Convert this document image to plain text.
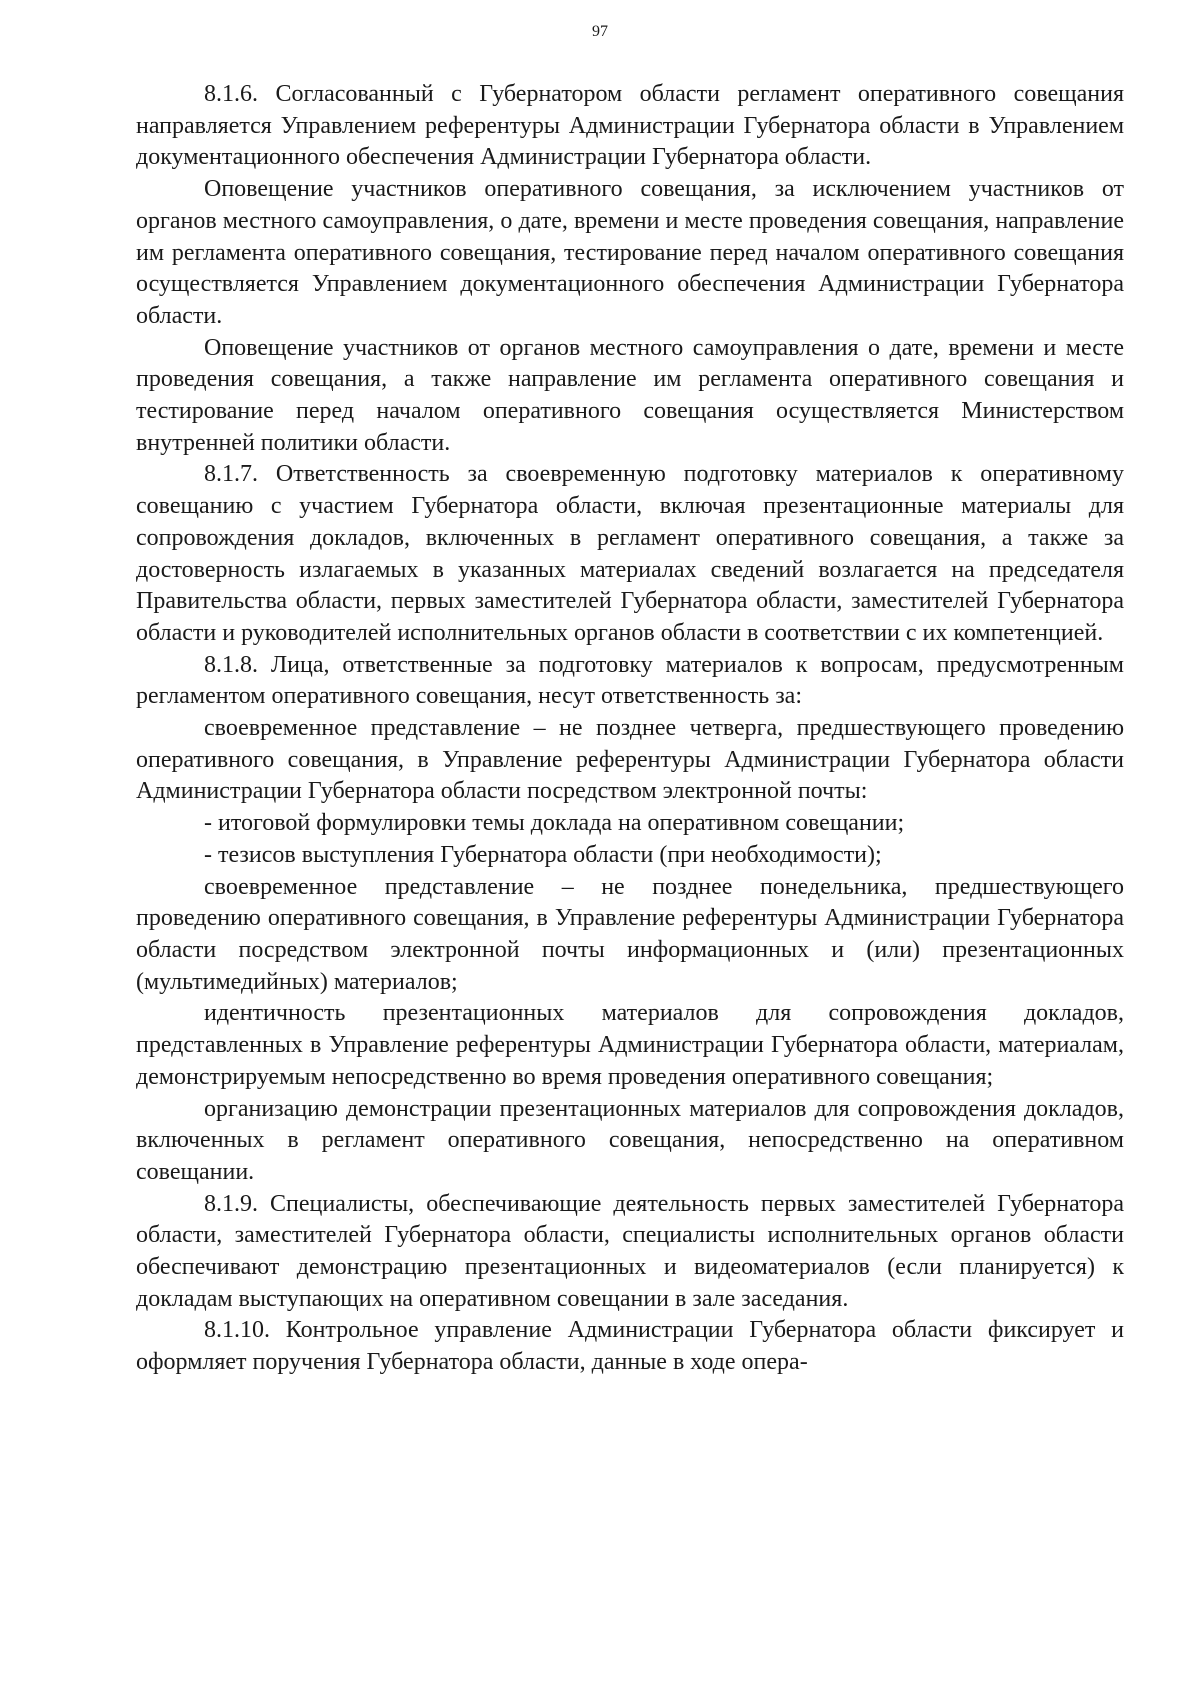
97

8.1.6. Согласованный с Губернатором области регламент оперативного совещания направляется Управлением референтуры Администрации Губернатора области в Управлением документационного обеспечения Администрации Губернатора области.

Оповещение участников оперативного совещания, за исключением участников от органов местного самоуправления, о дате, времени и месте проведения совещания, направление им регламента оперативного совещания, тестирование перед началом оперативного совещания осуществляется Управлением документационного обеспечения Администрации Губернатора области.

Оповещение участников от органов местного самоуправления о дате, времени и месте проведения совещания, а также направление им регламента оперативного совещания и тестирование перед началом оперативного совещания осуществляется Министерством внутренней политики области.

8.1.7. Ответственность за своевременную подготовку материалов к оперативному совещанию с участием Губернатора области, включая презентационные материалы для сопровождения докладов, включенных в регламент оперативного совещания, а также за достоверность излагаемых в указанных материалах сведений возлагается на председателя Правительства области, первых заместителей Губернатора области, заместителей Губернатора области и руководителей исполнительных органов области в соответствии с их компетенцией.

8.1.8. Лица, ответственные за подготовку материалов к вопросам, предусмотренным регламентом оперативного совещания, несут ответственность за:

своевременное представление – не позднее четверга, предшествующего проведению оперативного совещания, в Управление референтуры Администрации Губернатора области Администрации Губернатора области посредством электронной почты:

- итоговой формулировки темы доклада на оперативном совещании;

- тезисов выступления Губернатора области (при необходимости);

своевременное представление – не позднее понедельника, предшествующего проведению оперативного совещания, в Управление референтуры Администрации Губернатора области посредством электронной почты информационных и (или) презентационных (мультимедийных) материалов;

идентичность презентационных материалов для сопровождения докладов, представленных в Управление референтуры Администрации Губернатора области, материалам, демонстрируемым непосредственно во время проведения оперативного совещания;

организацию демонстрации презентационных материалов для сопровождения докладов, включенных в регламент оперативного совещания, непосредственно на оперативном совещании.

8.1.9. Специалисты, обеспечивающие деятельность первых заместителей Губернатора области, заместителей Губернатора области, специалисты исполнительных органов области обеспечивают демонстрацию презентационных и видеоматериалов (если планируется) к докладам выступающих на оперативном совещании в зале заседания.

8.1.10. Контрольное управление Администрации Губернатора области фиксирует и оформляет поручения Губернатора области, данные в ходе опера-
